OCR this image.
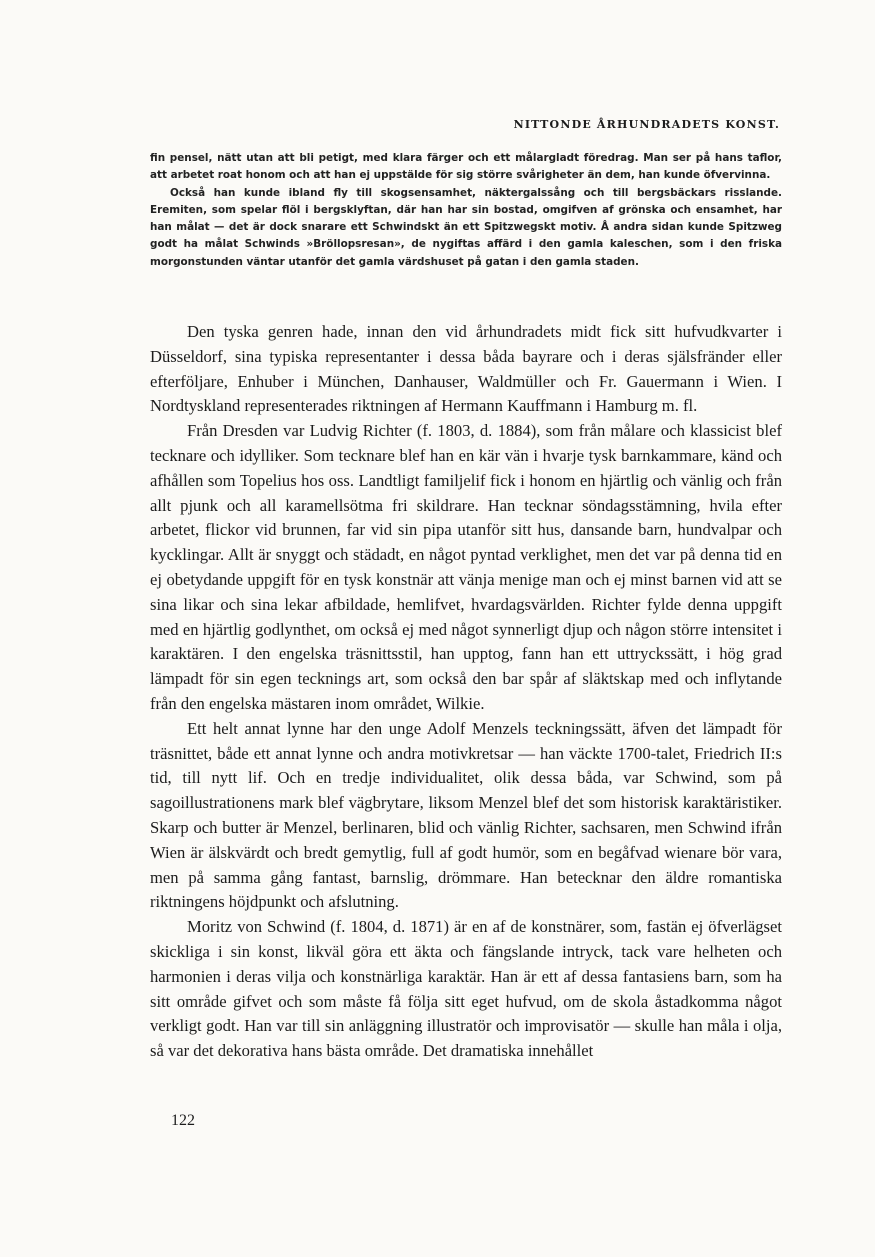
NITTONDE ÅRHUNDRADETS KONST.

fin pensel, nätt utan att bli petigt, med klara färger och ett målargladt föredrag. Man ser på hans taflor, att arbetet roat honom och att han ej uppstälde för sig större svårigheter än dem, han kunde öfvervinna.

Också han kunde ibland fly till skogsensamhet, näktergalssång och till bergsbäckars risslande. Eremiten, som spelar flöl i bergsklyftan, där han har sin bostad, omgifven af grönska och ensamhet, har han målat — det är dock snarare ett Schwindskt än ett Spitzwegskt motiv. Å andra sidan kunde Spitzweg godt ha målat Schwinds »Bröllopsresan», de nygiftas affärd i den gamla kaleschen, som i den friska morgonstunden väntar utanför det gamla värdshuset på gatan i den gamla staden.

Den tyska genren hade, innan den vid århundradets midt fick sitt hufvudkvarter i Düsseldorf, sina typiska representanter i dessa båda bayrare och i deras själsfränder eller efterföljare, Enhuber i München, Danhauser, Waldmüller och Fr. Gauermann i Wien. I Nordtyskland representerades riktningen af Hermann Kauffmann i Hamburg m. fl.

Från Dresden var Ludvig Richter (f. 1803, d. 1884), som från målare och klassicist blef tecknare och idylliker. Som tecknare blef han en kär vän i hvarje tysk barnkammare, känd och afhållen som Topelius hos oss. Landtligt familjelif fick i honom en hjärtlig och vänlig och från allt pjunk och all karamellsötma fri skildrare. Han tecknar söndagsstämning, hvila efter arbetet, flickor vid brunnen, far vid sin pipa utanför sitt hus, dansande barn, hundvalpar och kycklingar. Allt är snyggt och städadt, en något pyntad verklighet, men det var på denna tid en ej obetydande uppgift för en tysk konstnär att vänja menige man och ej minst barnen vid att se sina likar och sina lekar afbildade, hemlifvet, hvardagsvärlden. Richter fylde denna uppgift med en hjärtlig godlynthet, om också ej med något synnerligt djup och någon större intensitet i karaktären. I den engelska träsnittsstil, han upptog, fann han ett uttryckssätt, i hög grad lämpadt för sin egen tecknings art, som också den bar spår af släktskap med och inflytande från den engelska mästaren inom området, Wilkie.

Ett helt annat lynne har den unge Adolf Menzels teckningssätt, äfven det lämpadt för träsnittet, både ett annat lynne och andra motivkretsar — han väckte 1700-talet, Friedrich II:s tid, till nytt lif. Och en tredje individualitet, olik dessa båda, var Schwind, som på sagoillustrationens mark blef vägbrytare, liksom Menzel blef det som historisk karaktäristiker. Skarp och butter är Menzel, berlinaren, blid och vänlig Richter, sachsaren, men Schwind ifrån Wien är älskvärdt och bredt gemytlig, full af godt humör, som en begåfvad wienare bör vara, men på samma gång fantast, barnslig, drömmare. Han betecknar den äldre romantiska riktningens höjdpunkt och afslutning.

Moritz von Schwind (f. 1804, d. 1871) är en af de konstnärer, som, fastän ej öfverlägset skickliga i sin konst, likväl göra ett äkta och fängslande intryck, tack vare helheten och harmonien i deras vilja och konstnärliga karaktär. Han är ett af dessa fantasiens barn, som ha sitt område gifvet och som måste få följa sitt eget hufvud, om de skola åstadkomma något verkligt godt. Han var till sin anläggning illustratör och improvisatör — skulle han måla i olja, så var det dekorativa hans bästa område. Det dramatiska innehållet

122
